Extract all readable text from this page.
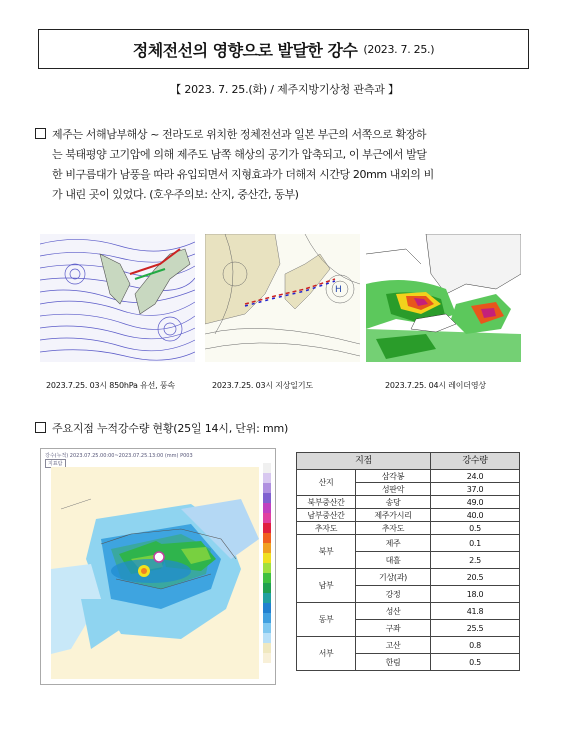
정체전선의 영향으로 발달한 강수 (2023. 7. 25.)
【 2023. 7. 25.(화) / 제주지방기상청 관측과 】
제주는 서해남부해상 ~ 전라도로 위치한 정체전선과 일본 부근의 서쪽으로 확장하
는 북태평양 고기압에 의해 제주도 남쪽 해상의 공기가 압축되고, 이 부근에서 발달
한 비구름대가 남풍을 따라 유입되면서 지형효과가 더해져 시간당 20mm 내외의 비
가 내린 곳이 있었다. (호우주의보: 산지, 중산간, 동부)
2023.7.25. 03시 850hPa 유선, 풍속
H
2023.7.25. 03시 지상일기도	2023.7.25. 04시 레이더영상
주요지점 누적강수량 현황(25일 14시, 단위: mm)
강수(누적) 2023.07.25.00:00~2023.07.25.13:00 (mm) P003
지표탐	지점		강수량
산지	삼각봉	24.0
	성판악	37.0
북부중산간	송당	49.0
남부중산간	제주가시리	40.0
추자도	추자도	0.5
북부	제주	0.1
	대흘	2.5
남부	기상(과)	20.5
	강정	18.0
동부	성산	41.8
	구좌	25.5
서부	고산	0.8
	한림	0.5
